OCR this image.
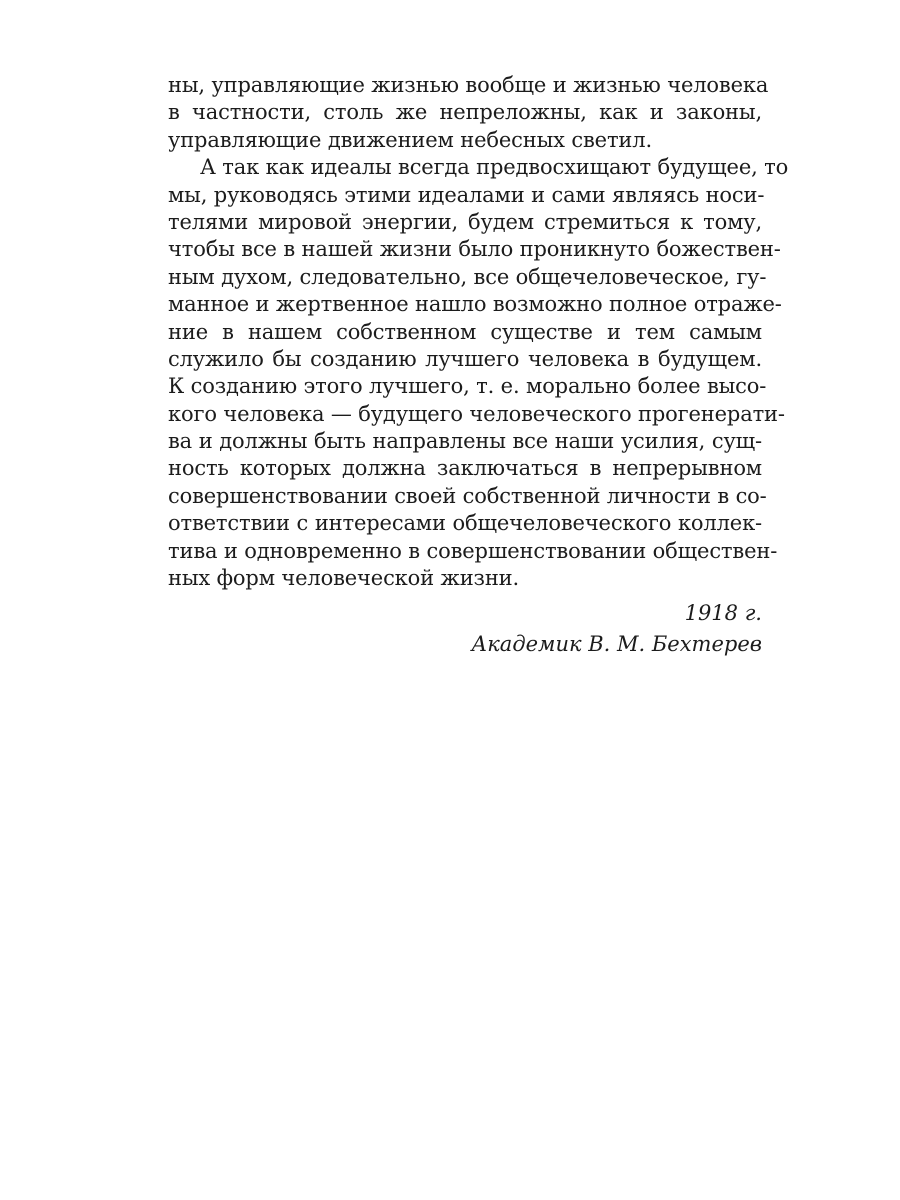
ны, управляющие жизнью вообще и жизнью человека
в частности, столь же непреложны, как и законы,
управляющие движением небесных светил.
А так как идеалы всегда предвосхищают будущее, то
мы, руководясь этими идеалами и сами являясь носи-
телями мировой энергии, будем стремиться к тому,
чтобы все в нашей жизни было проникнуто божествен-
ным духом, следовательно, все общечеловеческое, гу-
манное и жертвенное нашло возможно полное отраже-
ние в нашем собственном существе и тем самым
служило бы созданию лучшего человека в будущем.
К созданию этого лучшего, т. е. морально более высо-
кого человека — будущего человеческого прогенерати-
ва и должны быть направлены все наши усилия, сущ-
ность которых должна заключаться в непрерывном
совершенствовании своей собственной личности в со-
ответствии с интересами общечеловеческого коллек-
тива и одновременно в совершенствовании обществен-
ных форм человеческой жизни.
1918 г.
Академик В. М. Бехтерев
